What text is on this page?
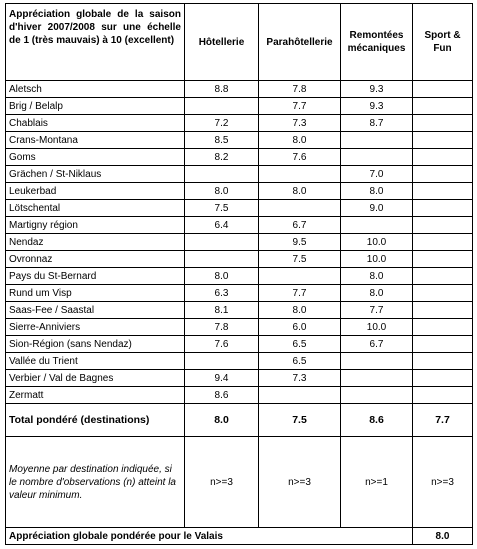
Appréciation globale de la saison d'hiver 2007/2008 sur une échelle de 1 (très mauvais) à 10 (excellent)	Hôtellerie	Parahôtellerie	Remontées mécaniques	Sport & Fun
Aletsch	8.8	7.8	9.3	
Brig / Belalp		7.7	9.3	
Chablais	7.2	7.3	8.7	
Crans-Montana	8.5	8.0		
Goms	8.2	7.6		
Grächen / St-Niklaus			7.0	
Leukerbad	8.0	8.0	8.0	
Lötschental	7.5		9.0	
Martigny région	6.4	6.7		
Nendaz		9.5	10.0	
Ovronnaz		7.5	10.0	
Pays du St-Bernard	8.0		8.0	
Rund um Visp	6.3	7.7	8.0	
Saas-Fee / Saastal	8.1	8.0	7.7	
Sierre-Anniviers	7.8	6.0	10.0	
Sion-Région (sans Nendaz)	7.6	6.5	6.7	
Vallée du Trient		6.5		
Verbier / Val de Bagnes	9.4	7.3		
Zermatt	8.6			
Total pondéré (destinations)	8.0	7.5	8.6	7.7
Moyenne par destination indiquée, si le nombre d'observations (n) atteint la valeur minimum.	n>=3	n>=3	n>=1	n>=3
Appréciation globale pondérée pour le Valais				8.0
